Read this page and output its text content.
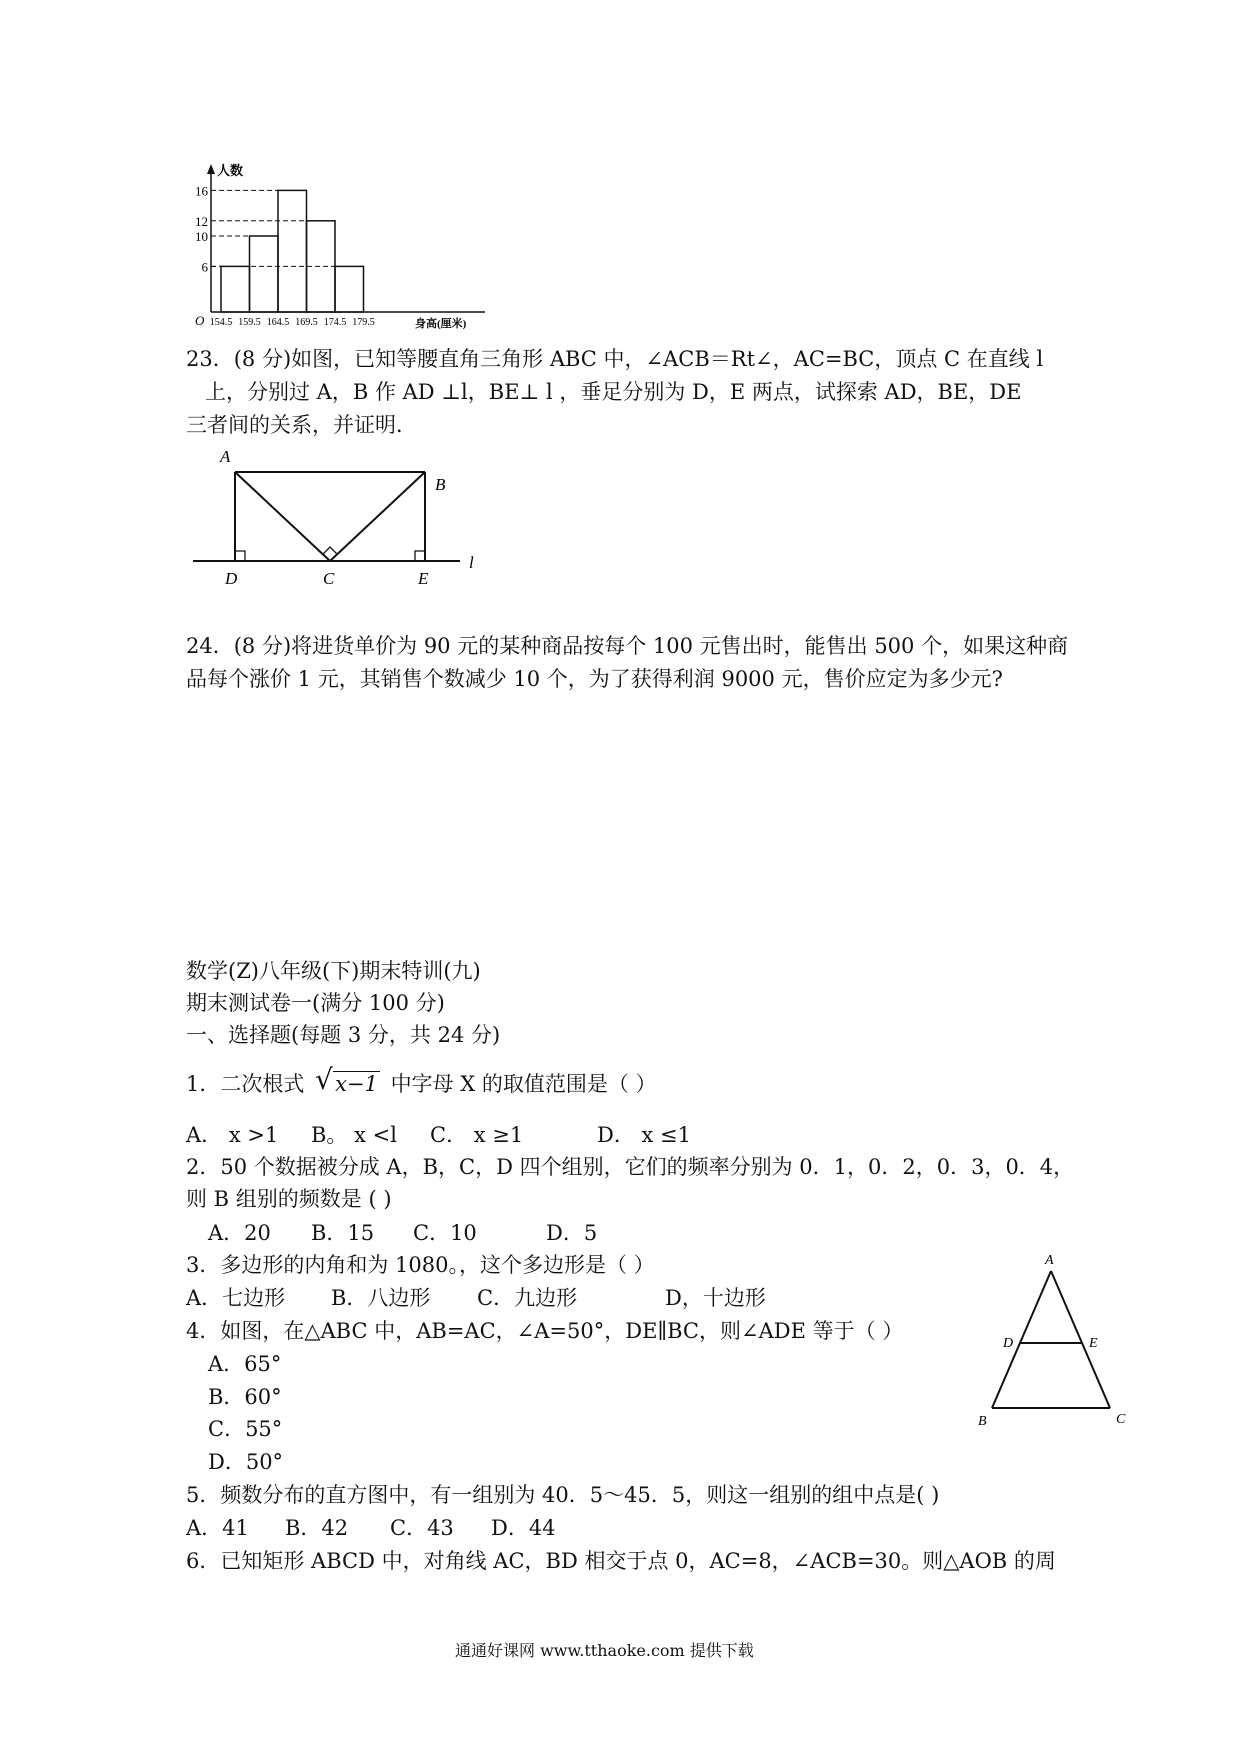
人数
O	身高(厘米)
16
12
10
6
154.5 159.5 164.5 169.5 174.5 179.5
23．(8 分)如图，已知等腰直角三角形 ABC 中，∠ACB＝Rt∠，AC=BC，顶点 C 在直线 l
上，分别过 A，B 作 AD ⊥l，BE⊥ l ，垂足分别为 D，E 两点，试探索 AD，BE，DE
三者间的关系，并证明．
A
B
D	C	E
l
24．(8 分)将进货单价为 90 元的某种商品按每个 100 元售出时，能售出 500 个，如果这种商
品每个涨价 1 元，其销售个数减少 10 个，为了获得利润 9000 元，售价应定为多少元?
数学(Z)八年级(下)期末特训(九)
期末测试卷一(满分 100 分)
一、选择题(每题 3 分，共 24 分)
1．二次根式 √ x−1 中字母 X 的取值范围是（ ）
A． x >1 B。 x <l C． x ≥1	D． x ≤1
2．50 个数据被分成 A，B，C，D 四个组别，它们的频率分别为 0．1，0．2，0．3，0．4，
则 B 组别的频数是 ( )
A．20 B．15 C．10	D．5
3．多边形的内角和为 1080。，这个多边形是（ ）
A．七边形 B．八边形 C．九边形	D，十边形
4．如图，在△ABC 中，AB=AC，∠A=50°，DE∥BC，则∠ADE 等于（ ）
A．65°
B．60°
C．55°
D．50°
A
D	E
B	C
5．频数分布的直方图中，有一组别为 40．5～45．5，则这一组别的组中点是( )
A．41 B．42 C．43 D．44
6．已知矩形 ABCD 中，对角线 AC，BD 相交于点 0，AC=8，∠ACB=30。则△AOB 的周
通通好课网 www.tthaoke.com 提供下载
